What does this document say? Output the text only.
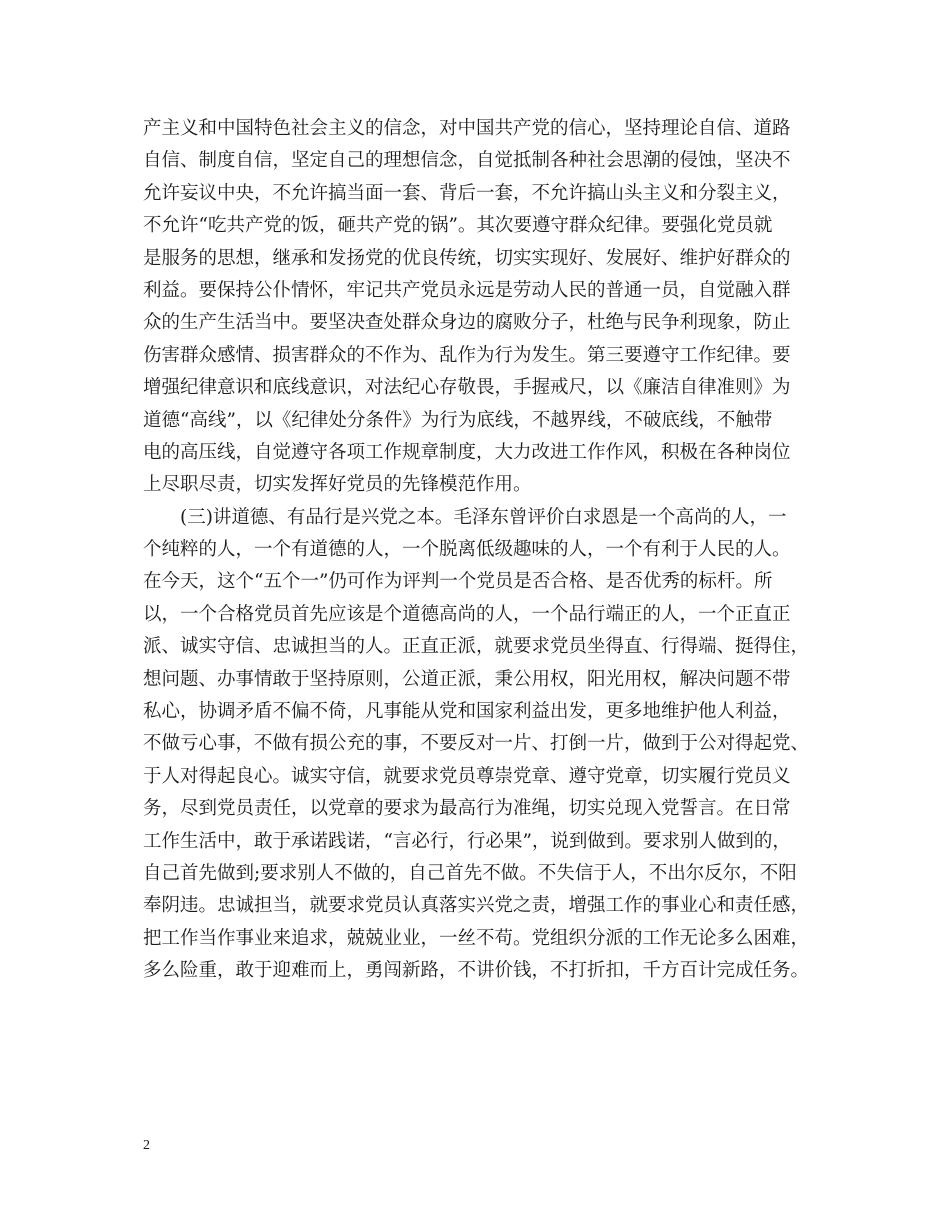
产主义和中国特色社会主义的信念，对中国共产党的信心，坚持理论自信、道路
自信、制度自信，坚定自己的理想信念，自觉抵制各种社会思潮的侵蚀，坚决不
允许妄议中央，不允许搞当面一套、背后一套，不允许搞山头主义和分裂主义，
不允许“吃共产党的饭，砸共产党的锅”。其次要遵守群众纪律。要强化党员就
是服务的思想，继承和发扬党的优良传统，切实实现好、发展好、维护好群众的
利益。要保持公仆情怀，牢记共产党员永远是劳动人民的普通一员，自觉融入群
众的生产生活当中。要坚决查处群众身边的腐败分子，杜绝与民争利现象，防止
伤害群众感情、损害群众的不作为、乱作为行为发生。第三要遵守工作纪律。要
增强纪律意识和底线意识，对法纪心存敬畏，手握戒尺，以《廉洁自律准则》为
道德“高线”，以《纪律处分条件》为行为底线，不越界线，不破底线，不触带
电的高压线，自觉遵守各项工作规章制度，大力改进工作作风，积极在各种岗位
上尽职尽责，切实发挥好党员的先锋模范作用。
(三)讲道德、有品行是兴党之本。毛泽东曾评价白求恩是一个高尚的人，一
个纯粹的人，一个有道德的人，一个脱离低级趣味的人，一个有利于人民的人。
在今天，这个“五个一”仍可作为评判一个党员是否合格、是否优秀的标杆。所
以，一个合格党员首先应该是个道德高尚的人，一个品行端正的人，一个正直正
派、诚实守信、忠诚担当的人。正直正派，就要求党员坐得直、行得端、挺得住，
想问题、办事情敢于坚持原则，公道正派，秉公用权，阳光用权，解决问题不带
私心，协调矛盾不偏不倚，凡事能从党和国家利益出发，更多地维护他人利益，
不做亏心事，不做有损公充的事，不要反对一片、打倒一片，做到于公对得起党、
于人对得起良心。诚实守信，就要求党员尊崇党章、遵守党章，切实履行党员义
务，尽到党员责任，以党章的要求为最高行为准绳，切实兑现入党誓言。在日常
工作生活中，敢于承诺践诺，“言必行，行必果”，说到做到。要求别人做到的，
自己首先做到;要求别人不做的，自己首先不做。不失信于人，不出尔反尔，不阳
奉阴违。忠诚担当，就要求党员认真落实兴党之责，增强工作的事业心和责任感，
把工作当作事业来追求，兢兢业业，一丝不苟。党组织分派的工作无论多么困难，
多么险重，敢于迎难而上，勇闯新路，不讲价钱，不打折扣，千方百计完成任务。
2
